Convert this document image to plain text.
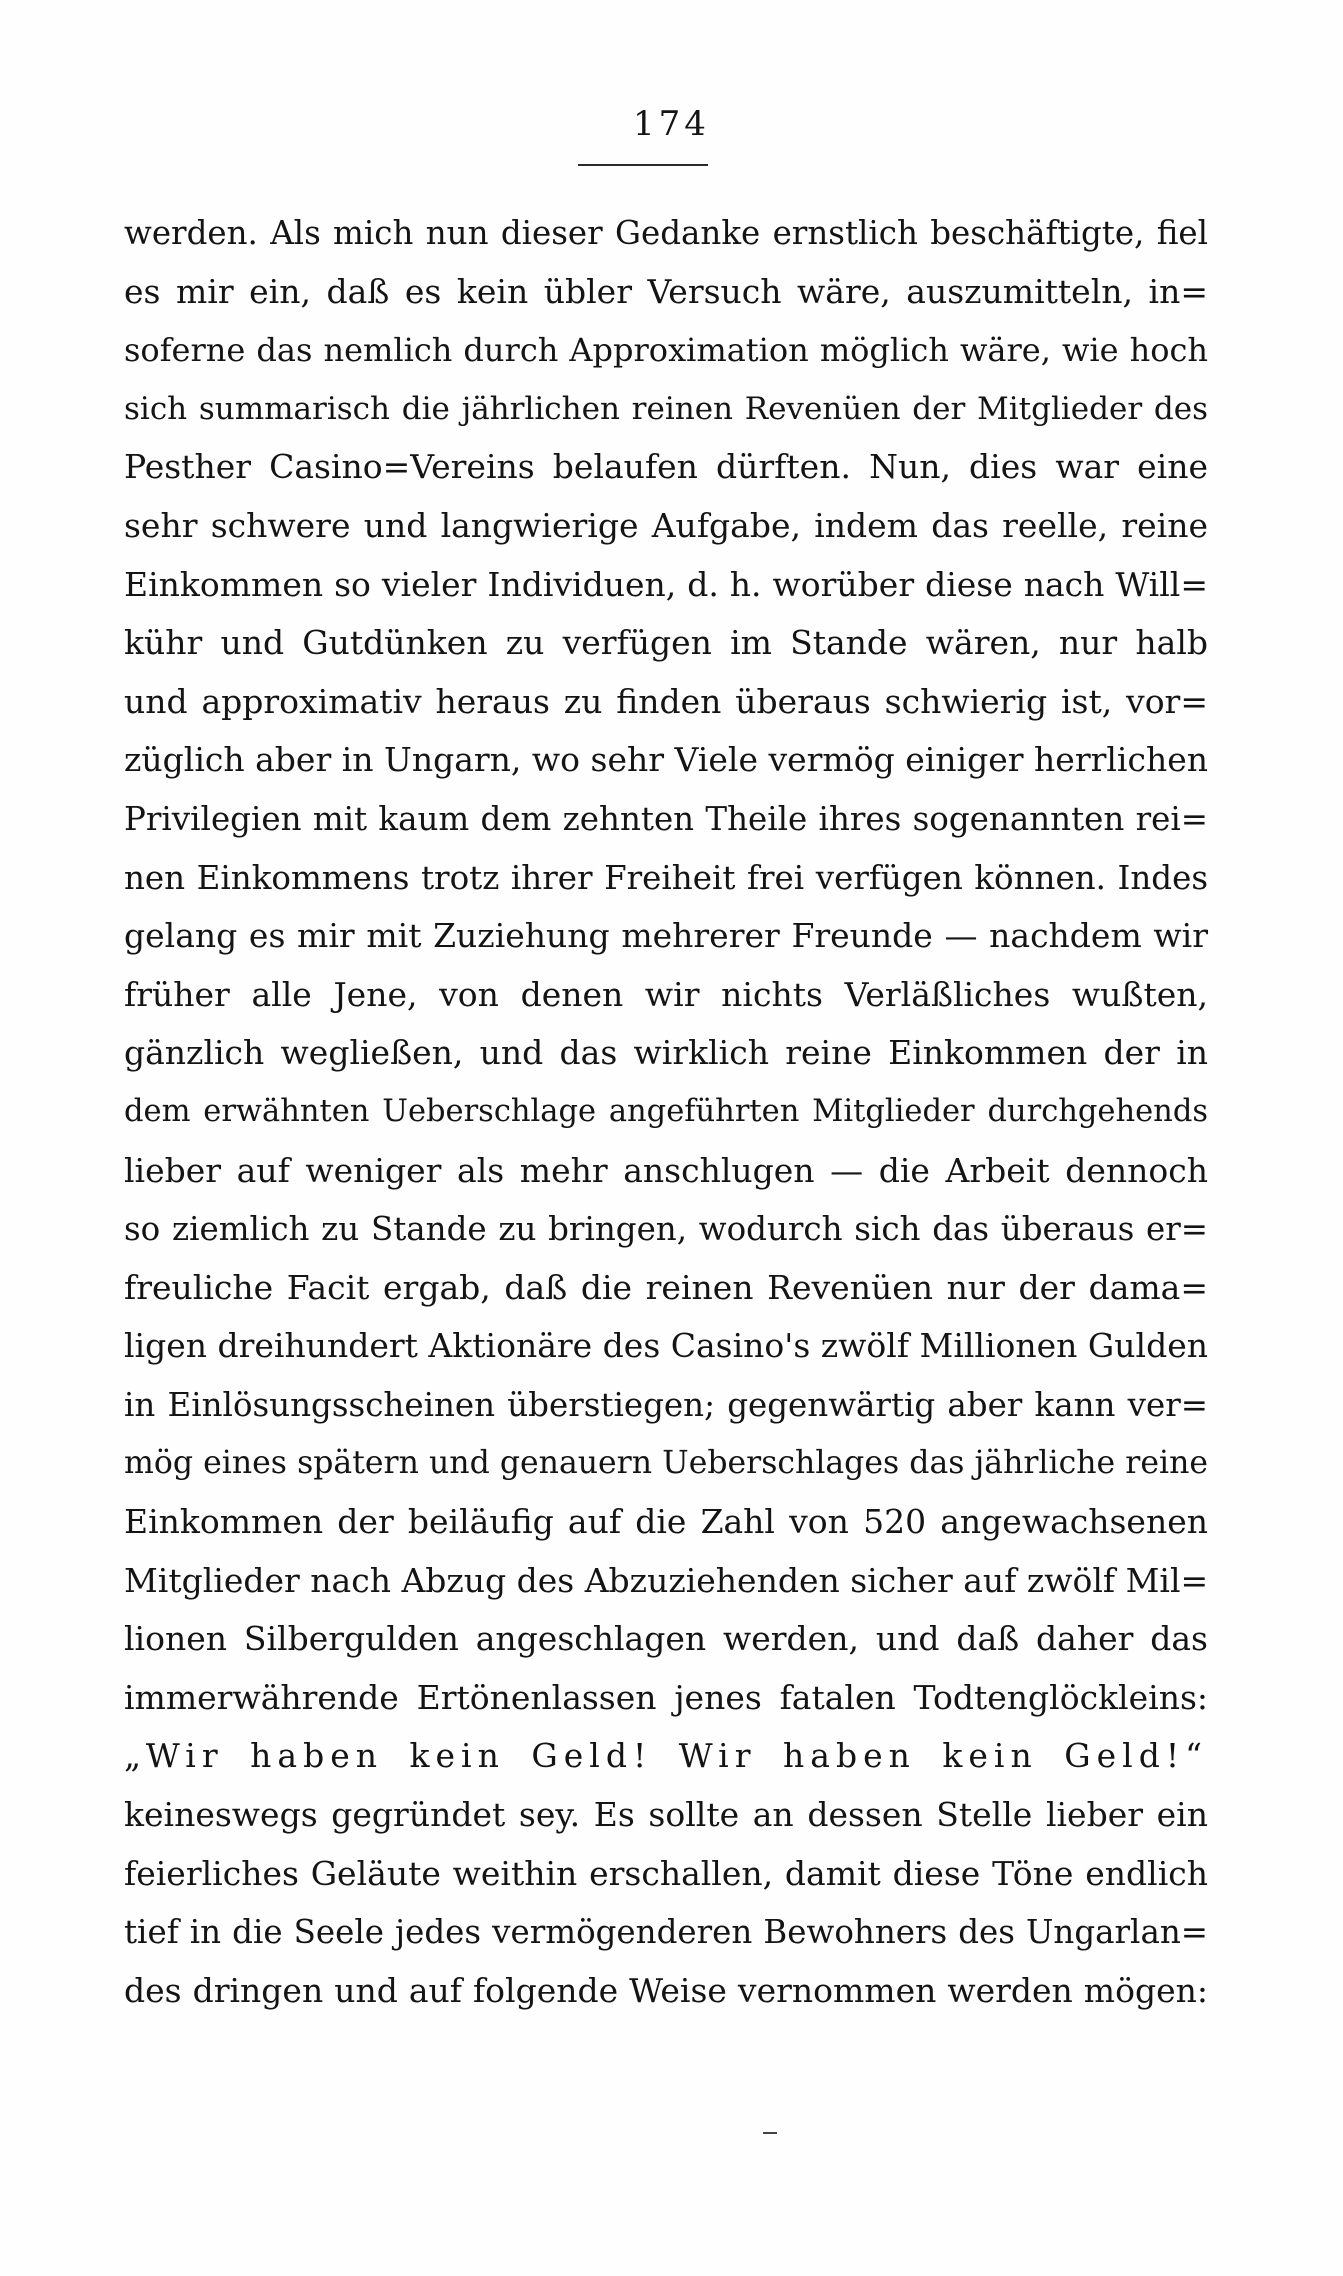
174
werden. Als mich nun dieser Gedanke ernstlich beschäftigte, fiel
es mir ein, daß es kein übler Versuch wäre, auszumitteln, in=
soferne das nemlich durch Approximation möglich wäre, wie hoch
sich summarisch die jährlichen reinen Revenüen der Mitglieder des
Pesther Casino=Vereins belaufen dürften. Nun, dies war eine
sehr schwere und langwierige Aufgabe, indem das reelle, reine
Einkommen so vieler Individuen, d. h. worüber diese nach Will=
kühr und Gutdünken zu verfügen im Stande wären, nur halb
und approximativ heraus zu finden überaus schwierig ist, vor=
züglich aber in Ungarn, wo sehr Viele vermög einiger herrlichen
Privilegien mit kaum dem zehnten Theile ihres sogenannten rei=
nen Einkommens trotz ihrer Freiheit frei verfügen können. Indes
gelang es mir mit Zuziehung mehrerer Freunde — nachdem wir
früher alle Jene, von denen wir nichts Verläßliches wußten,
gänzlich wegließen, und das wirklich reine Einkommen der in
dem erwähnten Ueberschlage angeführten Mitglieder durchgehends
lieber auf weniger als mehr anschlugen — die Arbeit dennoch
so ziemlich zu Stande zu bringen, wodurch sich das überaus er=
freuliche Facit ergab, daß die reinen Revenüen nur der dama=
ligen dreihundert Aktionäre des Casino's zwölf Millionen Gulden
in Einlösungsscheinen überstiegen; gegenwärtig aber kann ver=
mög eines spätern und genauern Ueberschlages das jährliche reine
Einkommen der beiläufig auf die Zahl von 520 angewachsenen
Mitglieder nach Abzug des Abzuziehenden sicher auf zwölf Mil=
lionen Silbergulden angeschlagen werden, und daß daher das
immerwährende Ertönenlassen jenes fatalen Todtenglöckleins:
„Wir haben kein Geld! Wir haben kein Geld!“
keineswegs gegründet sey. Es sollte an dessen Stelle lieber ein
feierliches Geläute weithin erschallen, damit diese Töne endlich
tief in die Seele jedes vermögenderen Bewohners des Ungarlan=
des dringen und auf folgende Weise vernommen werden mögen:
